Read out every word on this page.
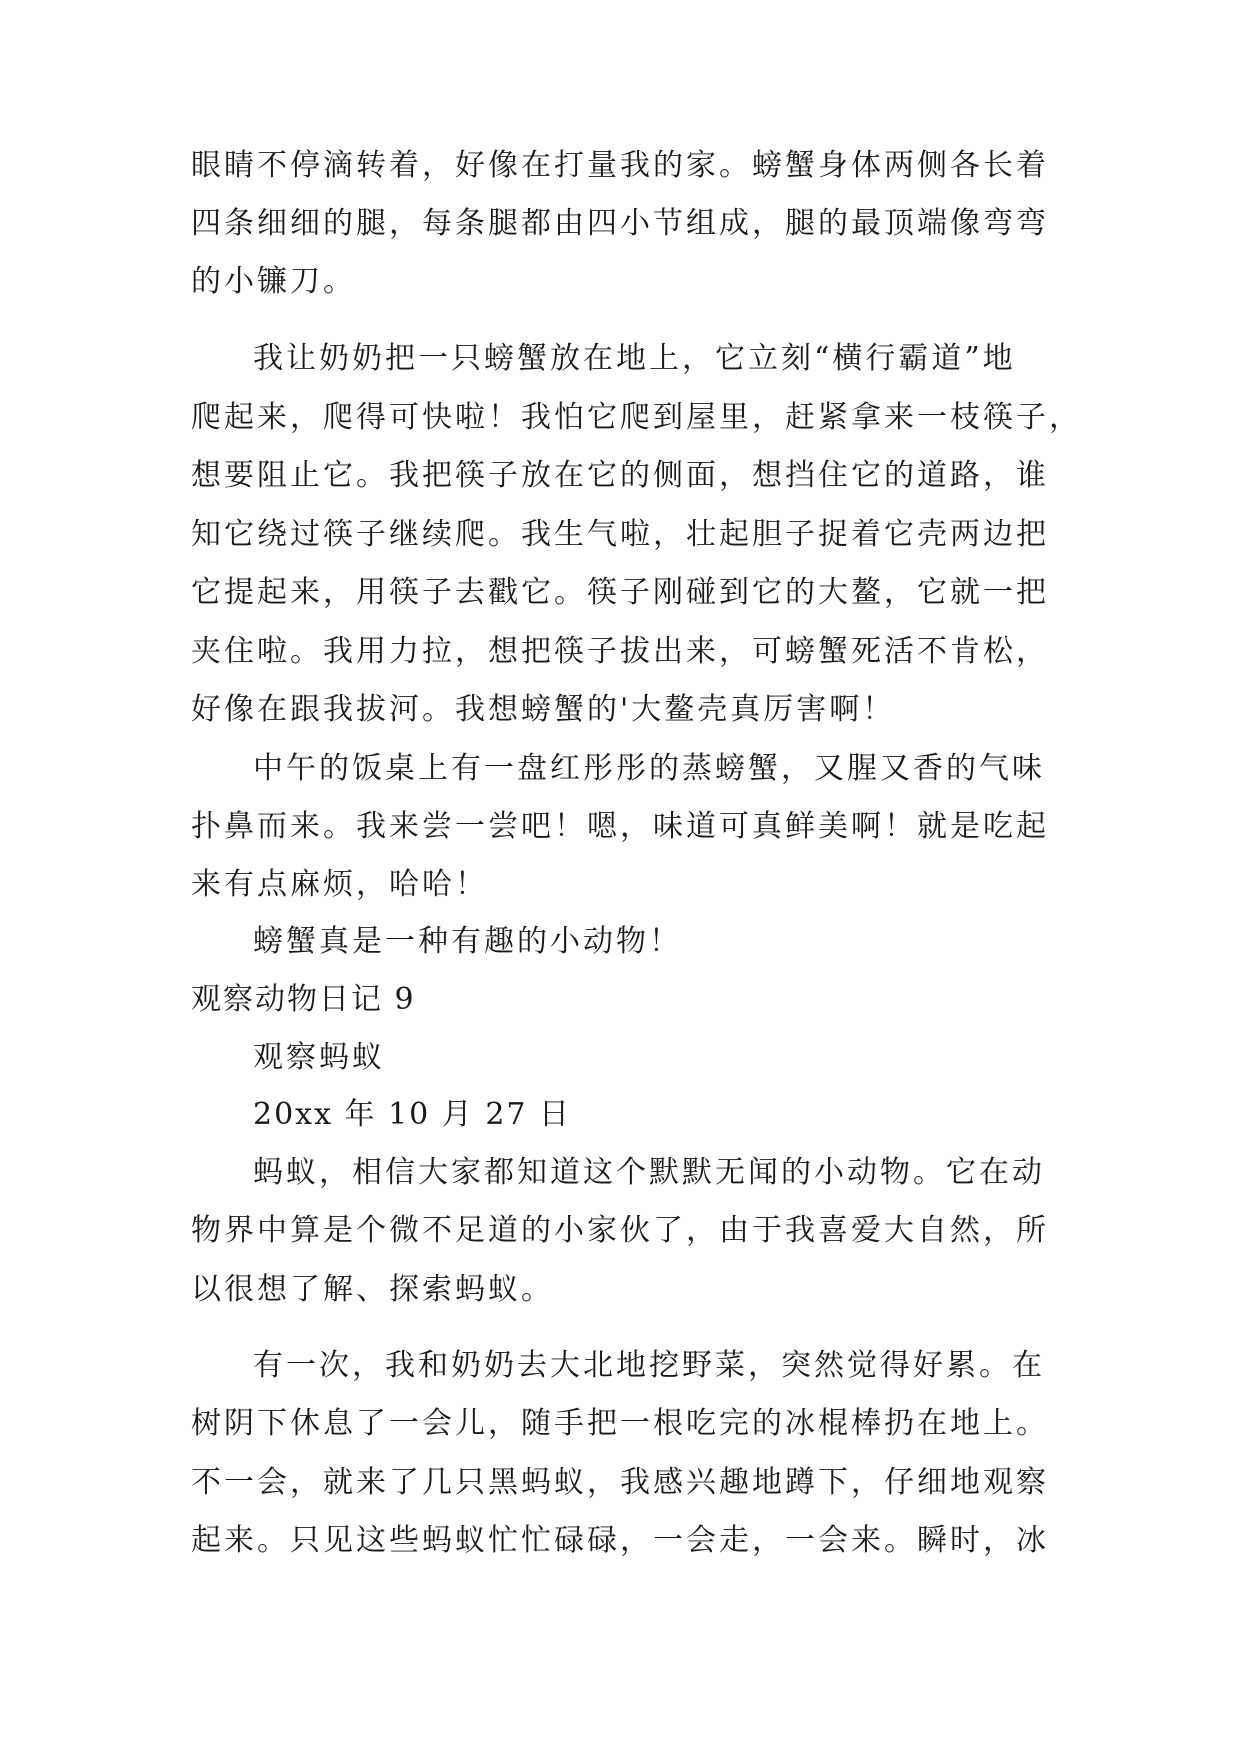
眼睛不停滴转着，好像在打量我的家。螃蟹身体两侧各长着
四条细细的腿，每条腿都由四小节组成，腿的最顶端像弯弯
的小镰刀。
我让奶奶把一只螃蟹放在地上，它立刻“横行霸道”地
爬起来，爬得可快啦！我怕它爬到屋里，赶紧拿来一枝筷子，
想要阻止它。我把筷子放在它的侧面，想挡住它的道路，谁
知它绕过筷子继续爬。我生气啦，壮起胆子捉着它壳两边把
它提起来，用筷子去戳它。筷子刚碰到它的大鳌，它就一把
夹住啦。我用力拉，想把筷子拔出来，可螃蟹死活不肯松，
好像在跟我拔河。我想螃蟹的'大鳌壳真厉害啊！
中午的饭桌上有一盘红彤彤的蒸螃蟹，又腥又香的气味
扑鼻而来。我来尝一尝吧！嗯，味道可真鲜美啊！就是吃起
来有点麻烦，哈哈！
螃蟹真是一种有趣的小动物！
观察动物日记 9
观察蚂蚁
20xx 年 10 月 27 日
蚂蚁，相信大家都知道这个默默无闻的小动物。它在动
物界中算是个微不足道的小家伙了，由于我喜爱大自然，所
以很想了解、探索蚂蚁。
有一次，我和奶奶去大北地挖野菜，突然觉得好累。在
树阴下休息了一会儿，随手把一根吃完的冰棍棒扔在地上。
不一会，就来了几只黑蚂蚁，我感兴趣地蹲下，仔细地观察
起来。只见这些蚂蚁忙忙碌碌，一会走，一会来。瞬时，冰
